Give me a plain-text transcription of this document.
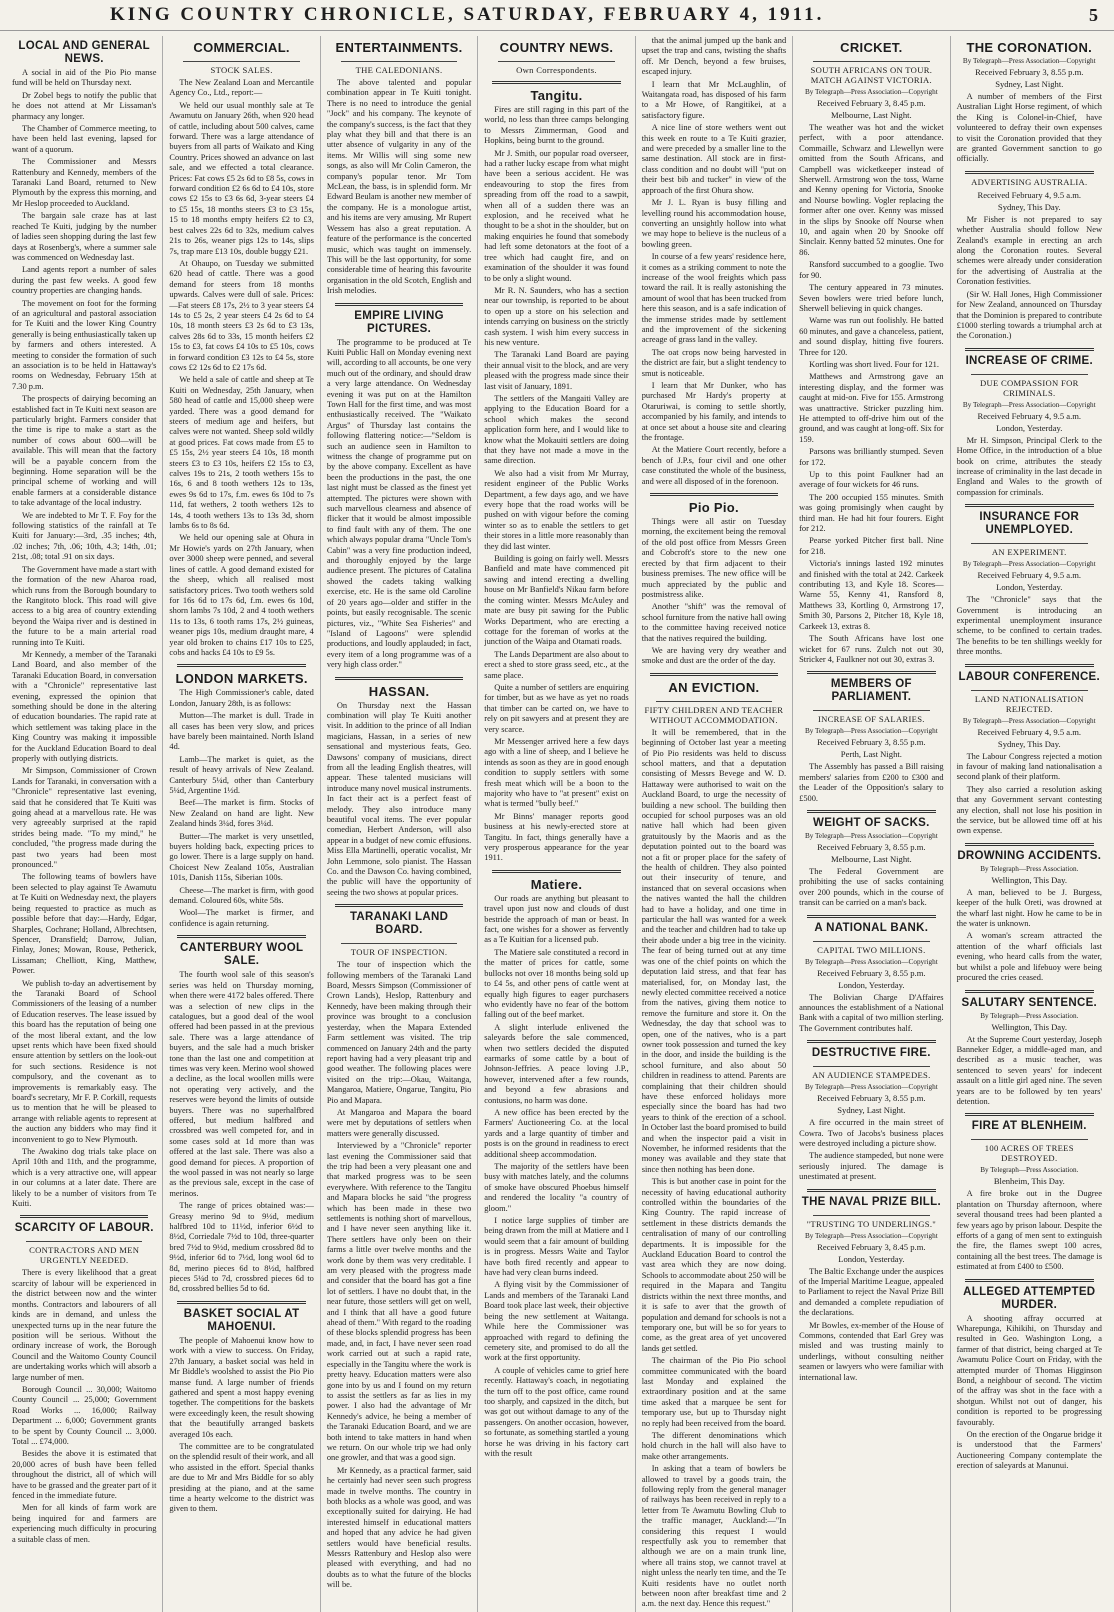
KING COUNTRY CHRONICLE, SATURDAY, FEBRUARY 4, 1911.	5
LOCAL AND GENERAL NEWS.

A social in aid of the Pio Pio manse fund will be held on Thursday next.

Dr Zobel begs to notify the public that he does not attend at Mr Lissaman's pharmacy any longer.

The Chamber of Commerce meeting, to have been held last evening, lapsed for want of a quorum.

The Commissioner and Messrs Rattenbury and Kennedy, members of the Taranaki Land Board, returned to New Plymouth by the express this morning, and Mr Heslop proceeded to Auckland.

The bargain sale craze has at last reached Te Kuiti, judging by the number of ladies seen shopping during the last few days at Rosenberg's, where a summer sale was commenced on Wednesday last.

Land agents report a number of sales during the past few weeks. A good few country properties are changing hands.

The movement on foot for the forming of an agricultural and pastoral association for Te Kuiti and the lower King Country generally is being enthusiastically taken up by farmers and others interested. A meeting to consider the formation of such an association is to be held in Hattaway's rooms on Wednesday, February 15th at 7.30 p.m.

The prospects of dairying becoming an established fact in Te Kuiti next season are particularly bright. Farmers consider that the time is ripe to make a start as the number of cows about 600—will be available. This will mean that the factory will be a payable concern from the beginning. Home separation will be the principal scheme of working and will enable farmers at a considerable distance to take advantage of the local industry.

We are indebted to Mr T. F. Foy for the following statistics of the rainfall at Te Kuiti for January:—3rd, .35 inches; 4th, .02 inches; 7th, .06; 10th, 4.3; 14th, .01; 21st, .08; total .91 on six days.

The Government have made a start with the formation of the new Aharoa road, which runs from the Borough boundary to the Rangitoto block. This road will give access to a big area of country extending beyond the Waipa river and is destined in the future to be a main arterial road running into Te Kuiti.

Mr Kennedy, a member of the Taranaki Land Board, and also member of the Taranaki Education Board, in conversation with a "Chronicle" representative last evening, expressed the opinion that something should be done in the altering of education boundaries. The rapid rate at which settlement was taking place in the King Country was making it impossible for the Auckland Education Board to deal properly with outlying districts.

Mr Simpson, Commissioner of Crown Lands for Taranaki, in conversation with a "Chronicle" representative last evening, said that he considered that Te Kuiti was going ahead at a marvellous rate. He was very agreeably surprised at the rapid strides being made. "To my mind," he concluded, "the progress made during the past two years had been most pronounced."

The following teams of bowlers have been selected to play against Te Awamutu at Te Kuiti on Wednesday next, the players being requested to practice as much as possible before that day:—Hardy, Edgar, Sharples, Cochrane; Holland, Albrechtsen, Spencer, Dransfield; Darrow, Julian, Finlay, Jones; Mowan, Rouse, Petherick, Lissaman; Chelliott, King, Matthew, Power.

We publish to-day an advertisement by the Taranaki Board of School Commissioners of the leasing of a number of Education reserves. The lease issued by this board has the reputation of being one of the most liberal extant, and the low upset rents which have been fixed should ensure attention by settlers on the look-out for such sections. Residence is not compulsory, and the covenant as to improvements is remarkably easy. The board's secretary, Mr F. P. Corkill, requests us to mention that he will be pleased to arrange with reliable agents to represent at the auction any bidders who may find it inconvenient to go to New Plymouth.

The Awakino dog trials take place on April 10th and 11th, and the programme, which is a very attractive one, will appear in our columns at a later date. There are likely to be a number of visitors from Te Kuiti.

SCARCITY OF LABOUR.
CONTRACTORS AND MEN URGENTLY NEEDED.

There is every likelihood that a great scarcity of labour will be experienced in the district between now and the winter months. Contractors and labourers of all kinds are in demand, and unless the unexpected turns up in the near future the position will be serious. Without the ordinary increase of work, the Borough Council and the Waitomo County Council are undertaking works which will absorb a large number of men.

Borough Council ... 30,000; Waitomo County Council ... 25,000; Government Road Works ... 16,000; Railway Department ... 6,000; Government grants to be spent by County Council ... 3,000. Total ... £74,000.

Besides the above it is estimated that 20,000 acres of bush have been felled throughout the district, all of which will have to be grassed and the greater part of it fenced in the immediate future.

Men for all kinds of farm work are being inquired for and farmers are experiencing much difficulty in procuring a suitable class of men.

COMMERCIAL.
STOCK SALES.

The New Zealand Loan and Mercantile Agency Co., Ltd., report:—

We held our usual monthly sale at Te Awamutu on January 26th, when 920 head of cattle, including about 500 calves, came forward. There was a large attendance of buyers from all parts of Waikato and King Country. Prices showed an advance on last sale, and we effected a total clearance. Prices: Fat cows £5 2s 6d to £8 5s, cows in forward condition £2 6s 6d to £4 10s, store cows £2 15s to £3 6s 6d, 3-year steers £4 to £5 15s, 18 months steers £3 to £3 15s, 15 to 18 months empty heifers £2 to £3, best calves 22s 6d to 32s, medium calves 21s to 26s, weaner pigs 12s to 14s, slips 7s, trap mare £13 10s, double buggy £21.

At Ohaupo, on Tuesday we submitted 620 head of cattle. There was a good demand for steers from 18 months upwards. Calves were dull of sale. Prices:—Fat steers £8 17s, 2½ to 3 year steers £4 14s to £5 2s, 2 year steers £4 2s 6d to £4 10s, 18 month steers £3 2s 6d to £3 13s, calves 28s 6d to 33s, 15 month heifers £2 15s to £3, fat cows £4 10s to £5 10s, cows in forward condition £3 12s to £4 5s, store cows £2 12s 6d to £2 17s 6d.

We held a sale of cattle and sheep at Te Kuiti on Wednesday, 25th January, when 580 head of cattle and 15,000 sheep were yarded. There was a good demand for steers of medium age and heifers, but calves were not wanted. Sheep sold wildly at good prices. Fat cows made from £5 to £5 15s, 2½ year steers £4 10s, 18 month steers £3 to £3 10s, heifers £2 15s to £3, calves 19s to 21s, 2 tooth wethers 15s to 16s, 6 and 8 tooth wethers 12s to 13s, ewes 9s 6d to 17s, f.m. ewes 6s 10d to 7s 11d, fat wethers, 2 tooth wethers 12s to 14s, 4 tooth wethers 13s to 13s 3d, shorn lambs 6s to 8s 6d.

We held our opening sale at Ohura in Mr Howie's yards on 27th January, when over 3000 sheep were penned, and several lines of cattle. A good demand existed for the sheep, which all realised most satisfactory prices. Two tooth wethers sold for 16s 6d to 17s 6d, f.m. ewes 6s 10d, shorn lambs 7s 10d, 2 and 4 tooth wethers 11s to 13s, 6 tooth rams 17s, 2½ guineas, weaner pigs 10s, medium draught mare, 4 year old broken to chains £17 10s to £25, cobs and hacks £4 10s to £9 5s.

LONDON MARKETS.

The High Commissioner's cable, dated London, January 28th, is as follows:

Mutton—The market is dull. Trade in all cases has been very slow, and prices have barely been maintained. North Island 4d.

Lamb—The market is quiet, as the result of heavy arrivals of New Zealand. Canterbury 5¼d, other than Canterbury 5¼d, Argentine 1½d.

Beef—The market is firm. Stocks of New Zealand on hand are light. New Zealand hinds 3¼d, fores 3¼d.

Butter—The market is very unsettled, buyers holding back, expecting prices to go lower. There is a large supply on hand. Choicest New Zealand 105s, Australian 101s, Danish 115s, Siberian 100s.

Cheese—The market is firm, with good demand. Coloured 60s, white 58s.

Wool—The market is firmer, and confidence is again returning.

CANTERBURY WOOL SALE.

The fourth wool sale of this season's series was held on Thursday morning, when there were 4172 bales offered. There was a selection of new clips in the catalogues, but a good deal of the wool offered had been passed in at the previous sale. There was a large attendance of buyers, and the sale had a much brisker tone than the last one and competition at times was very keen. Merino wool showed a decline, as the local woollen mills were not operating very actively, and the reserves were beyond the limits of outside buyers. There was no superhalfbred offered, but medium halfbred and crossbred was well competed for, and in some cases sold at 1d more than was offered at the last sale. There was also a good demand for pieces. A proportion of the wool passed in was not nearly so large as the previous sale, except in the case of merinos.

The range of prices obtained was:—Greasy merino 9d to 9½d, medium halfbred 10d to 11½d, inferior 6½d to 8½d, Corriedale 7½d to 10d, three-quarter bred 7½d to 9½d, medium crossbred 8d to 9½d, inferior 6d to 7½d, long wool 6d to 8d, merino pieces 6d to 8½d, halfbred pieces 5¼d to 7d, crossbred pieces 6d to 8d, crossbred bellies 5d to 6d.

BASKET SOCIAL AT MAHOENUI.

The people of Mahoenui know how to work with a view to success. On Friday, 27th January, a basket social was held in Mr Biddle's woolshed to assist the Pio Pio manse fund. A large number of friends gathered and spent a most happy evening together. The competitions for the baskets were exceedingly keen, the result showing that the beautifully arranged baskets averaged 10s each.

The committee are to be congratulated on the splendid result of their work, and all who assisted in the effort. Special thanks are due to Mr and Mrs Biddle for so ably presiding at the piano, and at the same time a hearty welcome to the district was given to them.

ENTERTAINMENTS.
THE CALEDONIANS.

The above talented and popular combination appear in Te Kuiti tonight. There is no need to introduce the genial "Jock" and his company. The keynote of the company's success, is the fact that they play what they bill and that there is an utter absence of vulgarity in any of the items. Mr Willis will sing some new songs, as also will Mr Colin Cameron, the company's popular tenor. Mr Tom McLean, the bass, is in splendid form. Mr Edward Beulam is another new member of the company. He is a monologue artist, and his items are very amusing. Mr Rupert Wessem has also a great reputation. A feature of the performance is the concerted music, which was taught on immensely. This will be the last opportunity, for some considerable time of hearing this favourite organisation in the old Scotch, English and Irish melodies.

EMPIRE LIVING PICTURES.

The programme to be produced at Te Kuiti Public Hall on Monday evening next will, according to all accounts, be one very much out of the ordinary, and should draw a very large attendance. On Wednesday evening it was put on at the Hamilton Town Hall for the first time, and was most enthusiastically received. The "Waikato Argus" of Thursday last contains the following flattering notice:—"Seldom is such an audience seen in Hamilton to witness the change of programme put on by the above company. Excellent as have been the productions in the past, the one last night must be classed as the finest yet attempted. The pictures were shown with such marvellous clearness and absence of flicker that it would be almost impossible to find fault with any of them. The one which always popular drama "Uncle Tom's Cabin" was a very fine production indeed, and thoroughly enjoyed by the large audience present. The pictures of Catalina showed the cadets taking walking exercise, etc. He is the same old Caroline of 20 years ago—older and stiffer in the points, but easily recognisable. The scenic pictures, viz., "White Sea Fisheries" and "Island of Lagoons" were splendid productions, and loudly applauded; in fact, every item of a long programme was of a very high class order."

HASSAN.

On Thursday next the Hassan combination will play Te Kuiti another visit. In addition to the prince of all Indian magicians, Hassan, in a series of new sensational and mysterious feats, Geo. Dawsons' company of musicians, direct from all the leading English theatres, will appear. These talented musicians will introduce many novel musical instruments. In fact their act is a perfect feast of melody. They also introduce many beautiful vocal items. The ever popular comedian, Herbert Anderson, will also appear in a budget of new comic effusions. Miss Ella Martinelli, operatic vocalist, Mr John Lemmone, solo pianist. The Hassan Co. and the Dawson Co. having combined, the public will have the opportunity of seeing the two shows at popular prices.

TARANAKI LAND BOARD.
TOUR OF INSPECTION.

The tour of inspection which the following members of the Taranaki Land Board, Messrs Simpson (Commissioner of Crown Lands), Heslop, Rattenbury and Kennedy, have been making through their province was brought to a conclusion yesterday, when the Mapara Extended Farm settlement was visited. The trip commenced on January 24th and the party report having had a very pleasant trip and good weather. The following places were visited on the trip:—Okau, Waitanga, Mangaroa, Matiere, Ongarue, Tangitu, Pio Pio and Mapara.

At Mangaroa and Mapara the board were met by deputations of settlers when matters were generally discussed.

Interviewed by a "Chronicle" reporter last evening the Commissioner said that the trip had been a very pleasant one and that marked progress was to be seen everywhere. With reference to the Tangitu and Mapara blocks he said "the progress which has been made in these two settlements is nothing short of marvellous, and I have never seen anything like it. There settlers have only been on their farms a little over twelve months and the work done by them was very creditable. I am very pleased with the progress made and consider that the board has got a fine lot of settlers. I have no doubt that, in the near future, those settlers will get on well, and I think that all have a good future ahead of them." With regard to the roading of these blocks splendid progress has been made, and, in fact, I have never seen road work carried out at such a rapid rate, especially in the Tangitu where the work is pretty heavy. Education matters were also gone into by us and I found on my return to assist the settlers as far as lies in my power. I also had the advantage of Mr Kennedy's advice, he being a member of the Taranaki Education Board, and we are both intend to take matters in hand when we return. On our whole trip we had only one growler, and that was a good sign.

Mr Kennedy, as a practical farmer, said he certainly had never seen such progress made in twelve months. The country in both blocks as a whole was good, and was exceptionally suited for dairying. He had interested himself in educational matters and hoped that any advice he had given settlers would have beneficial results. Messrs Rattenbury and Heslop also were pleased with everything, and had no doubts as to what the future of the blocks will be.

COUNTRY NEWS.
Own Correspondents.
Tangitu.

Fires are still raging in this part of the world, no less than three camps belonging to Messrs Zimmerman, Good and Hopkins, being burnt to the ground.

Mr J. Smith, our popular road overseer, had a rather lucky escape from what might have been a serious accident. He was endeavouring to stop the fires from spreading from off the road to a sawpit, when all of a sudden there was an explosion, and he received what he thought to be a shot in the shoulder, but on making enquiries he found that somebody had left some detonators at the foot of a tree which had caught fire, and on examination of the shoulder it was found to be only a slight wound.

Mr R. N. Saunders, who has a section near our township, is reported to be about to open up a store on his selection and intends carrying on business on the strictly cash system. I wish him every success in his new venture.

The Taranaki Land Board are paying their annual visit to the block, and are very pleased with the progress made since their last visit of January, 1891.

The settlers of the Mangaiti Valley are applying to the Education Board for a school which makes the second application form here, and I would like to know what the Mokauiti settlers are doing that they have not made a move in the same direction.

We also had a visit from Mr Murray, resident engineer of the Public Works Department, a few days ago, and we have every hope that the road works will be pushed on with vigour before the coming winter so as to enable the settlers to get their stores in a little more reasonably than they did last winter.

Building is going on fairly well. Messrs Banfield and mate have commenced pit sawing and intend erecting a dwelling house on Mr Banfield's Nikau farm before the coming winter. Messrs McAuley and mate are busy pit sawing for the Public Works Department, who are erecting a cottage for the foreman of works at the junction of the Waipa and Otamati roads.

The Lands Department are also about to erect a shed to store grass seed, etc., at the same place.

Quite a number of settlers are enquiring for timber, but as we have as yet no roads that timber can be carted on, we have to rely on pit sawyers and at present they are very scarce.

Mr Messenger arrived here a few days ago with a line of sheep, and I believe he intends as soon as they are in good enough condition to supply settlers with some fresh meat which will be a boon to the majority who have to "at present" exist on what is termed "bully beef."

Mr Binns' manager reports good business at his newly-erected store at Tangitu. In fact, things generally have a very prosperous appearance for the year 1911.

Matiere.

Our roads are anything but pleasant to travel upon just now and clouds of dust bestride the approach of man or beast. In fact, one wishes for a shower as fervently as a Te Kuitian for a licensed pub.

The Matiere sale constituted a record in the matter of prices for cattle, some bullocks not over 18 months being sold up to £4 5s, and other pens of cattle went at equally high figures to eager purchasers who evidently have no fear of the bottom falling out of the beef market.

A slight interlude enlivened the saleyards before the sale commenced, when two settlers decided the disputed earmarks of some cattle by a bout of Johnson-Jeffries. A peace loving J.P., however, intervened after a few rounds, and beyond a few abrasions and contusions, no harm was done.

A new office has been erected by the Farmers' Auctioneering Co. at the local yards and a large quantity of timber and posts is on the ground in readiness to erect additional sheep accommodation.

The majority of the settlers have been busy with matches lately, and the columns of smoke have obscured Phoebus himself and rendered the locality "a country of gloom."

I notice large supplies of timber are being drawn from the mill at Matiere and I would seem that a fair amount of building is in progress. Messrs Waite and Taylor have both fired recently and appear to have had very clean burns indeed.

A flying visit by the Commissioner of Lands and members of the Taranaki Land Board took place last week, their objective being the new settlement at Waitanga. While here the Commissioner was approached with regard to defining the cemetery site, and promised to do all the work at the first opportunity.

A couple of vehicles came to grief here recently. Hattaway's coach, in negotiating the turn off to the post office, came round too sharply, and capsized in the ditch, but was got out without damage to any of the passengers. On another occasion, however, so fortunate, as something startled a young horse he was driving in his factory cart with the result

that the animal jumped up the bank and upset the trap and cans, twisting the shafts off. Mr Dench, beyond a few bruises, escaped injury.

I learn that Mr McLaughlin, of Waitangata road, has disposed of his farm to a Mr Howe, of Rangitikei, at a satisfactory figure.

A nice line of store wethers went out this week en route to a Te Kuiti grazier, and were preceded by a smaller line to the same destination. All stock are in first-class condition and no doubt will "put on their best bib and tucker" in view of the approach of the first Ohura show.

Mr J. L. Ryan is busy filling and levelling round his accommodation house, converting an unsightly hollow into what we may hope to believe is the nucleus of a bowling green.

In course of a few years' residence here, it comes as a striking comment to note the increase of the wool freights which pass toward the rail. It is really astonishing the amount of wool that has been trucked from here this season, and is a safe indication of the immense strides made by settlement and the improvement of the sickening acreage of grass land in the valley.

The oat crops now being harvested in the district are fair, but a slight tendency to smut is noticeable.

I learn that Mr Dunker, who has purchased Mr Hardy's property at Otaruriwai, is coming to settle shortly, accompanied by his family, and intends to at once set about a house site and clearing the frontage.

At the Matiere Court recently, before a bench of J.P.s, four civil and one other case constituted the whole of the business, and were all disposed of in the forenoon.

Pio Pio.

Things were all astir on Tuesday morning, the excitement being the removal of the old post office from Messrs Green and Cobcroft's store to the new one erected by that firm adjacent to their business premises. The new office will be much appreciated by the public and postmistress alike.

Another "shift" was the removal of school furniture from the native hall owing to the committee having received notice that the natives required the building.

We are having very dry weather and smoke and dust are the order of the day.

AN EVICTION.
FIFTY CHILDREN AND TEACHER WITHOUT ACCOMMODATION.

It will be remembered, that in the beginning of October last year a meeting of Pio Pio residents was held to discuss school matters, and that a deputation consisting of Messrs Bevege and W. D. Hattaway were authorised to wait on the Auckland Board, to urge the necessity of building a new school. The building then occupied for school purposes was an old native hall which had been given gratuitously by the Maoris and as the deputation pointed out to the board was not a fit or proper place for the safety of the health of children. They also pointed out their insecurity of tenure, and instanced that on several occasions when the natives wanted the hall the children had to have a holiday, and one time in particular the hall was wanted for a week and the teacher and children had to take up their abode under a big tree in the vicinity. The fear of being turned out at any time was one of the chief points on which the deputation laid stress, and that fear has materialised, for, on Monday last, the newly elected committee received a notice from the natives, giving them notice to remove the furniture and store it. On the Wednesday, the day that school was to open, one of the natives, who is a part owner took possession and turned the key in the door, and inside the building is the school furniture, and also about 50 children in readiness to attend. Parents are complaining that their children should have these enforced holidays more especially since the board has had two years to think of the erection of a school. In October last the board promised to build and when the inspector paid a visit in November, he informed residents that the money was available and they state that since then nothing has been done.

This is but another case in point for the necessity of having educational authority controlled within the boundaries of the King Country. The rapid increase of settlement in these districts demands the centralisation of many of our controlling departments. It is impossible for the Auckland Education Board to control the vast area which they are now doing. Schools to accommodate about 250 will be required in the Mapara and Tangitu districts within the next three months, and it is safe to aver that the growth of population and demand for schools is not a temporary one, but will be so for years to come, as the great area of yet uncovered lands get settled.

The chairman of the Pio Pio school committee communicated with the board last Monday and explained the extraordinary position and at the same time asked that a marquee be sent for temporary use, but up to Thursday night no reply had been received from the board.

The different denominations which hold church in the hall will also have to make other arrangements.

In asking that a team of bowlers be allowed to travel by a goods train, the following reply from the general manager of railways has been received in reply to a letter from Te Awamutu Bowling Club to the traffic manager, Auckland:—"In considering this request I would respectfully ask you to remember that although we are on a main trunk line, where all trains stop, we cannot travel at night unless the nearly ten time, and the Te Kuiti residents have no outlet north between noon after breakfast time and 2 a.m. the next day. Hence this request."

CRICKET.
SOUTH AFRICANS ON TOUR. MATCH AGAINST VICTORIA.
By Telegraph—Press Association—Copyright
Received February 3, 8.45 p.m.
Melbourne, Last Night.

The weather was hot and the wicket perfect, with a poor attendance. Commaille, Schwarz and Llewellyn were omitted from the South Africans, and Campbell was wicketkeeper instead of Sherwell. Armstrong won the toss, Warne and Kenny opening for Victoria, Snooke and Nourse bowling. Vogler replacing the former after one over. Kenny was missed in the slips by Snooke off Nourse when 10, and again when 20 by Snooke off Sinclair. Kenny batted 52 minutes. One for 86.

Ransford succumbed to a googlie. Two for 90.

The century appeared in 73 minutes. Seven bowlers were tried before lunch, Sherwell believing in quick changes.

Warne was run out foolishly. He batted 60 minutes, and gave a chanceless, patient, and sound display, hitting five fourers. Three for 120.

Kortling was short lived. Four for 121.

Matthews and Armstrong gave an interesting display, and the former was caught at mid-on. Five for 155. Armstrong was unattractive. Stricker puzzling him. He attempted to off-drive him out of the ground, and was caught at long-off. Six for 159.

Parsons was brilliantly stumped. Seven for 172.

Up to this point Faulkner had an average of four wickets for 46 runs.

The 200 occupied 155 minutes. Smith was going promisingly when caught by third man. He had hit four fourers. Eight for 212.

Pearse yorked Pitcher first ball. Nine for 218.

Victoria's innings lasted 192 minutes and finished with the total at 242. Carkeek contributing 13, and Kyle 18. Scores—Warne 55, Kenny 41, Ransford 8, Matthews 33, Kortling 0, Armstrong 17, Smith 30, Parsons 2, Pitcher 18, Kyle 18, Carkeek 13, extras 8.

The South Africans have lost one wicket for 67 runs. Zulch not out 30, Stricker 4, Faulkner not out 30, extras 3.

MEMBERS OF PARLIAMENT.
INCREASE OF SALARIES.
By Telegraph—Press Association—Copyright
Received February 3, 8.55 p.m.
Perth, Last Night.

The Assembly has passed a Bill raising members' salaries from £200 to £300 and the Leader of the Opposition's salary to £500.

WEIGHT OF SACKS.
By Telegraph—Press Association—Copyright
Received February 3, 8.55 p.m.
Melbourne, Last Night.

The Federal Government are prohibiting the use of sacks containing over 200 pounds, which in the course of transit can be carried on a man's back.

A NATIONAL BANK.
CAPITAL TWO MILLIONS.
By Telegraph—Press Association—Copyright
Received February 3, 8.55 p.m.
London, Yesterday.

The Bolivian Charge D'Affaires announces the establishment of a National Bank with a capital of two million sterling. The Government contributes half.

DESTRUCTIVE FIRE.
AN AUDIENCE STAMPEDES.
By Telegraph—Press Association—Copyright
Received February 3, 8.55 p.m.
Sydney, Last Night.

A fire occurred in the main street of Cowra. Two of Jacobs's business places were destroyed including a picture show.

The audience stampeded, but none were seriously injured. The damage is unestimated at present.

THE NAVAL PRIZE BILL.
"TRUSTING TO UNDERLINGS."
By Telegraph—Press Association—Copyright
Received February 3, 8.45 p.m.
London, Yesterday.

The Baltic Exchange under the auspices of the Imperial Maritime League, appealed to Parliament to reject the Naval Prize Bill and demanded a complete repudiation of the declarations.

Mr Bowles, ex-member of the House of Commons, contended that Earl Grey was misled and was trusting mainly to underlings, without consulting neither seamen or lawyers who were familiar with international law.

THE CORONATION.
By Telegraph—Press Association—Copyright
Received February 3, 8.55 p.m.
Sydney, Last Night.

A number of members of the First Australian Light Horse regiment, of which the King is Colonel-in-Chief, have volunteered to defray their own expenses to visit the Coronation provided that they are granted Government sanction to go officially.

ADVERTISING AUSTRALIA.
Received February 4, 9.5 a.m.
Sydney, This Day.

Mr Fisher is not prepared to say whether Australia should follow New Zealand's example in erecting an arch along the Coronation routes. Several schemes were already under consideration for the advertising of Australia at the Coronation festivities.

(Sir W. Hall Jones, High Commissioner for New Zealand, announced on Thursday that the Dominion is prepared to contribute £1000 sterling towards a triumphal arch at the Coronation.)

INCREASE OF CRIME.
DUE COMPASSION FOR CRIMINALS.
By Telegraph—Press Association—Copyright
Received February 4, 9.5 a.m.
London, Yesterday.

Mr H. Simpson, Principal Clerk to the Home Office, in the introduction of a blue book on crime, attributes the steady increase of criminality in the last decade in England and Wales to the growth of compassion for criminals.

INSURANCE FOR UNEMPLOYED.
AN EXPERIMENT.
By Telegraph—Press Association—Copyright
Received February 4, 9.5 a.m.
London, Yesterday.

The "Chronicle" says that the Government is introducing an experimental unemployment insurance scheme, to be confined to certain trades. The benefits to be ten shillings weekly for three months.

LABOUR CONFERENCE.
LAND NATIONALISATION REJECTED.
By Telegraph—Press Association—Copyright
Received February 4, 9.5 a.m.
Sydney, This Day.

The Labour Congress rejected a motion in favour of making land nationalisation a second plank of their platform.

They also carried a resolution asking that any Government servant contesting any election, shall not lose his position in the service, but be allowed time off at his own expense.

DROWNING ACCIDENTS.
By Telegraph—Press Association.
Wellington, This Day.

A man, believed to be J. Burgess, keeper of the hulk Oreti, was drowned at the wharf last night. How he came to be in the water is unknown.

A woman's scream attracted the attention of the wharf officials last evening, who heard calls from the water, but whilst a pole and lifebuoy were being procured the cries ceased.

SALUTARY SENTENCE.
By Telegraph—Press Association.
Wellington, This Day.

At the Supreme Court yesterday, Joseph Banneker Edger, a middle-aged man, and described as a music teacher, was sentenced to seven years' for indecent assault on a little girl aged nine. The seven years are to be followed by ten years' detention.

FIRE AT BLENHEIM.
100 ACRES OF TREES DESTROYED.
By Telegraph—Press Association.
Blenheim, This Day.

A fire broke out in the Dugree plantation on Thursday afternoon, where several thousand trees had been planted a few years ago by prison labour. Despite the efforts of a gang of men sent to extinguish the fire, the flames swept 100 acres, containing all the best trees. The damage is estimated at from £400 to £500.

ALLEGED ATTEMPTED MURDER.

A shooting affray occurred at Wharepunga, Kihikihi, on Thursday and resulted in Geo. Washington Long, a farmer of that district, being charged at Te Awamutu Police Court on Friday, with the attempted murder of Thomas Higginson Bond, a neighbour of second. The victim of the affray was shot in the face with a shotgun. Whilst not out of danger, his condition is reported to be progressing favourably.

On the erection of the Ongarue bridge it is understood that the Farmers' Auctioneering Company contemplate the erection of saleyards at Manunui.
